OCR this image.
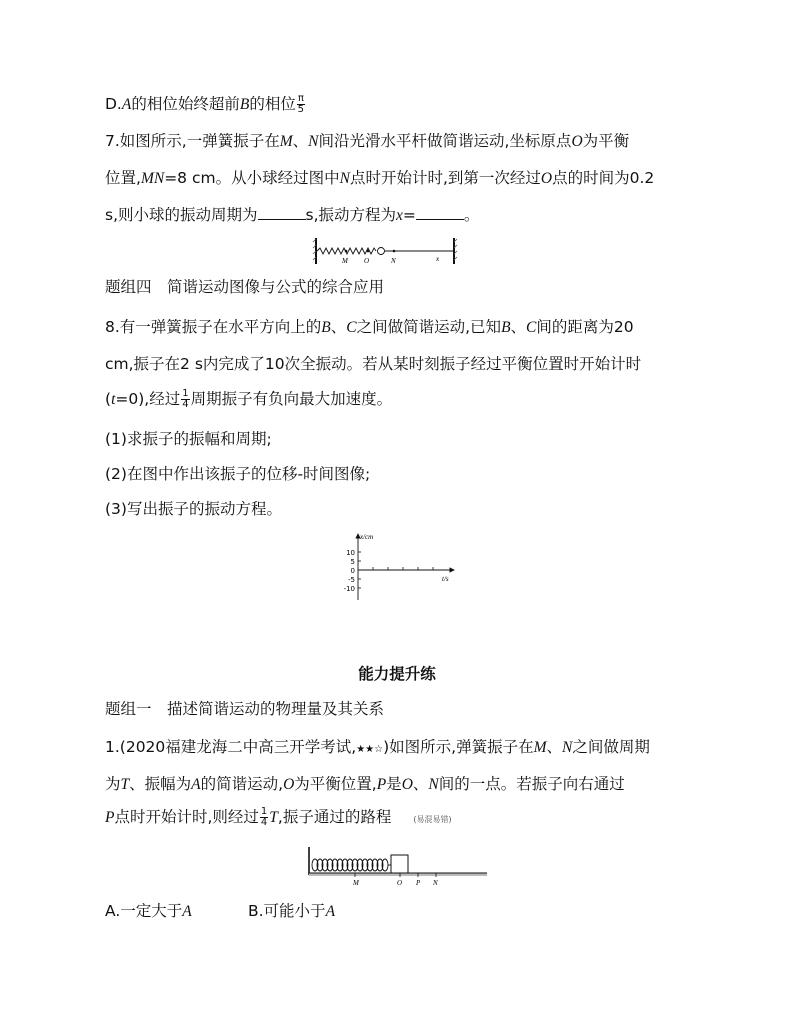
D.A的相位始终超前B的相位 $\frac{\pi}{5}$
7.如图所示,一弹簧振子在M、N间沿光滑水平杆做简谐运动,坐标原点O为平衡
位置,MN=8 cm。从小球经过图中N点时开始计时,到第一次经过O点的时间为0.2
s,则小球的振动周期为	s,振动方程为x=	。
M O	N	x
题组四　简谐运动图像与公式的综合应用
8.有一弹簧振子在水平方向上的B、C之间做简谐运动,已知B、C间的距离为20
cm,振子在2 s内完成了10次全振动。若从某时刻振子经过平衡位置时开始计时
(t=0),经过 $\frac{1}{4}$ 周期振子有负向最大加速度。
(1)求振子的振幅和周期;
(2)在图中作出该振子的位移-时间图像;
(3)写出振子的振动方程。
x/cm
t/s
10
5
0
-5
-10
能力提升练
题组一　描述简谐运动的物理量及其关系
1.(2020福建龙海二中高三开学考试,★★☆)如图所示,弹簧振子在M、N之间做周期
为T、振幅为A的简谐运动,O为平衡位置,P是O、N间的一点。若振子向右通过
P点时开始计时,则经过 $\frac{1}{4} T$,振子通过的路程	(易混易错)
M	O P N
A.一定大于A	B.可能小于A
